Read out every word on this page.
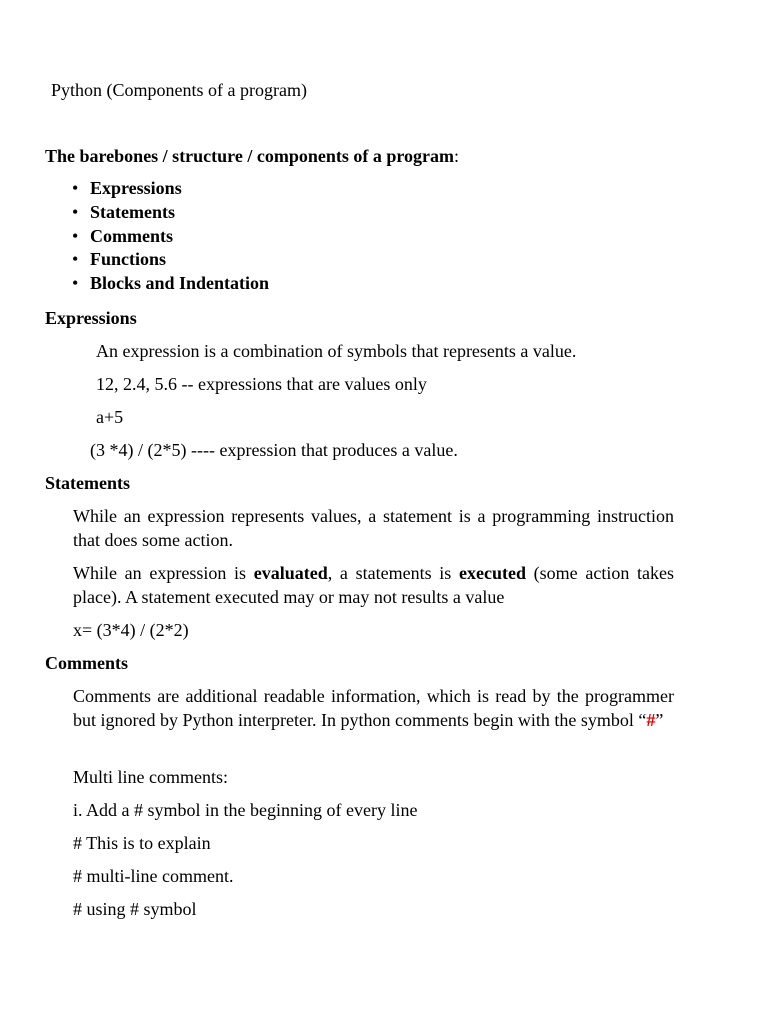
Python (Components of a program)

The barebones / structure / components of a program:

• Expressions
• Statements
• Comments
• Functions
• Blocks and Indentation
Expressions

An expression is a combination of symbols that represents a value.

12, 2.4, 5.6 -- expressions that are values only

a+5

(3 *4) / (2*5) ---- expression that produces a value.

Statements

While an expression represents values, a statement is a programming instruction that does some action.

While an expression is evaluated, a statements is executed (some action takes place). A statement executed may or may not results a value

x= (3*4) / (2*2)

Comments

Comments are additional readable information, which is read by the programmer but ignored by Python interpreter. In python comments begin with the symbol “#”

Multi line comments:

i. Add a # symbol in the beginning of every line

# This is to explain

# multi-line comment.

# using # symbol
